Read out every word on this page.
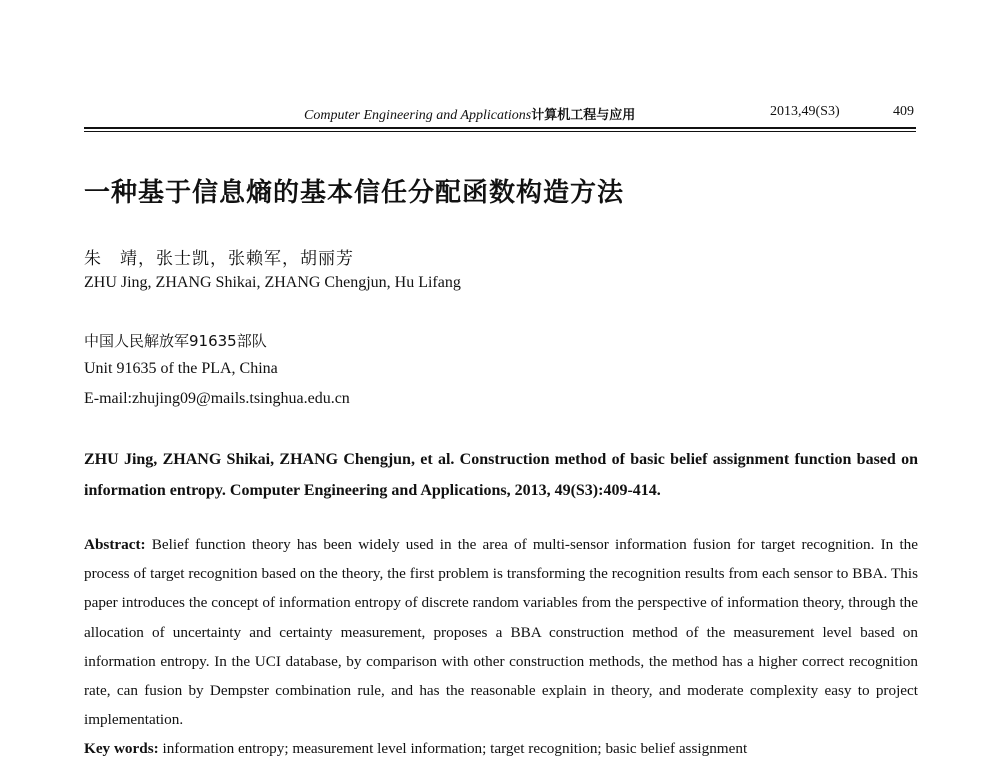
Computer Engineering and Applications计算机工程与应用	2013,49(S3)	409
一种基于信息熵的基本信任分配函数构造方法
朱　靖，张士凯，张赖军，胡丽芳
ZHU Jing, ZHANG Shikai, ZHANG Chengjun, Hu Lifang
中国人民解放军91635部队
Unit 91635 of the PLA, China
E-mail:zhujing09@mails.tsinghua.edu.cn
ZHU Jing, ZHANG Shikai, ZHANG Chengjun, et al. Construction method of basic belief assignment function based on information entropy. Computer Engineering and Applications, 2013, 49(S3):409-414.
Abstract: Belief function theory has been widely used in the area of multi-sensor information fusion for target recognition. In the process of target recognition based on the theory, the first problem is transforming the recognition results from each sensor to BBA. This paper introduces the concept of information entropy of discrete random variables from the perspective of information theory, through the allocation of uncertainty and certainty measurement, proposes a BBA construction method of the measurement level based on information entropy. In the UCI database, by comparison with other construction methods, the method has a higher correct recognition rate, can fusion by Dempster combination rule, and has the reasonable explain in theory, and moderate complexity easy to project implementation.
Key words: information entropy; measurement level information; target recognition; basic belief assignment
